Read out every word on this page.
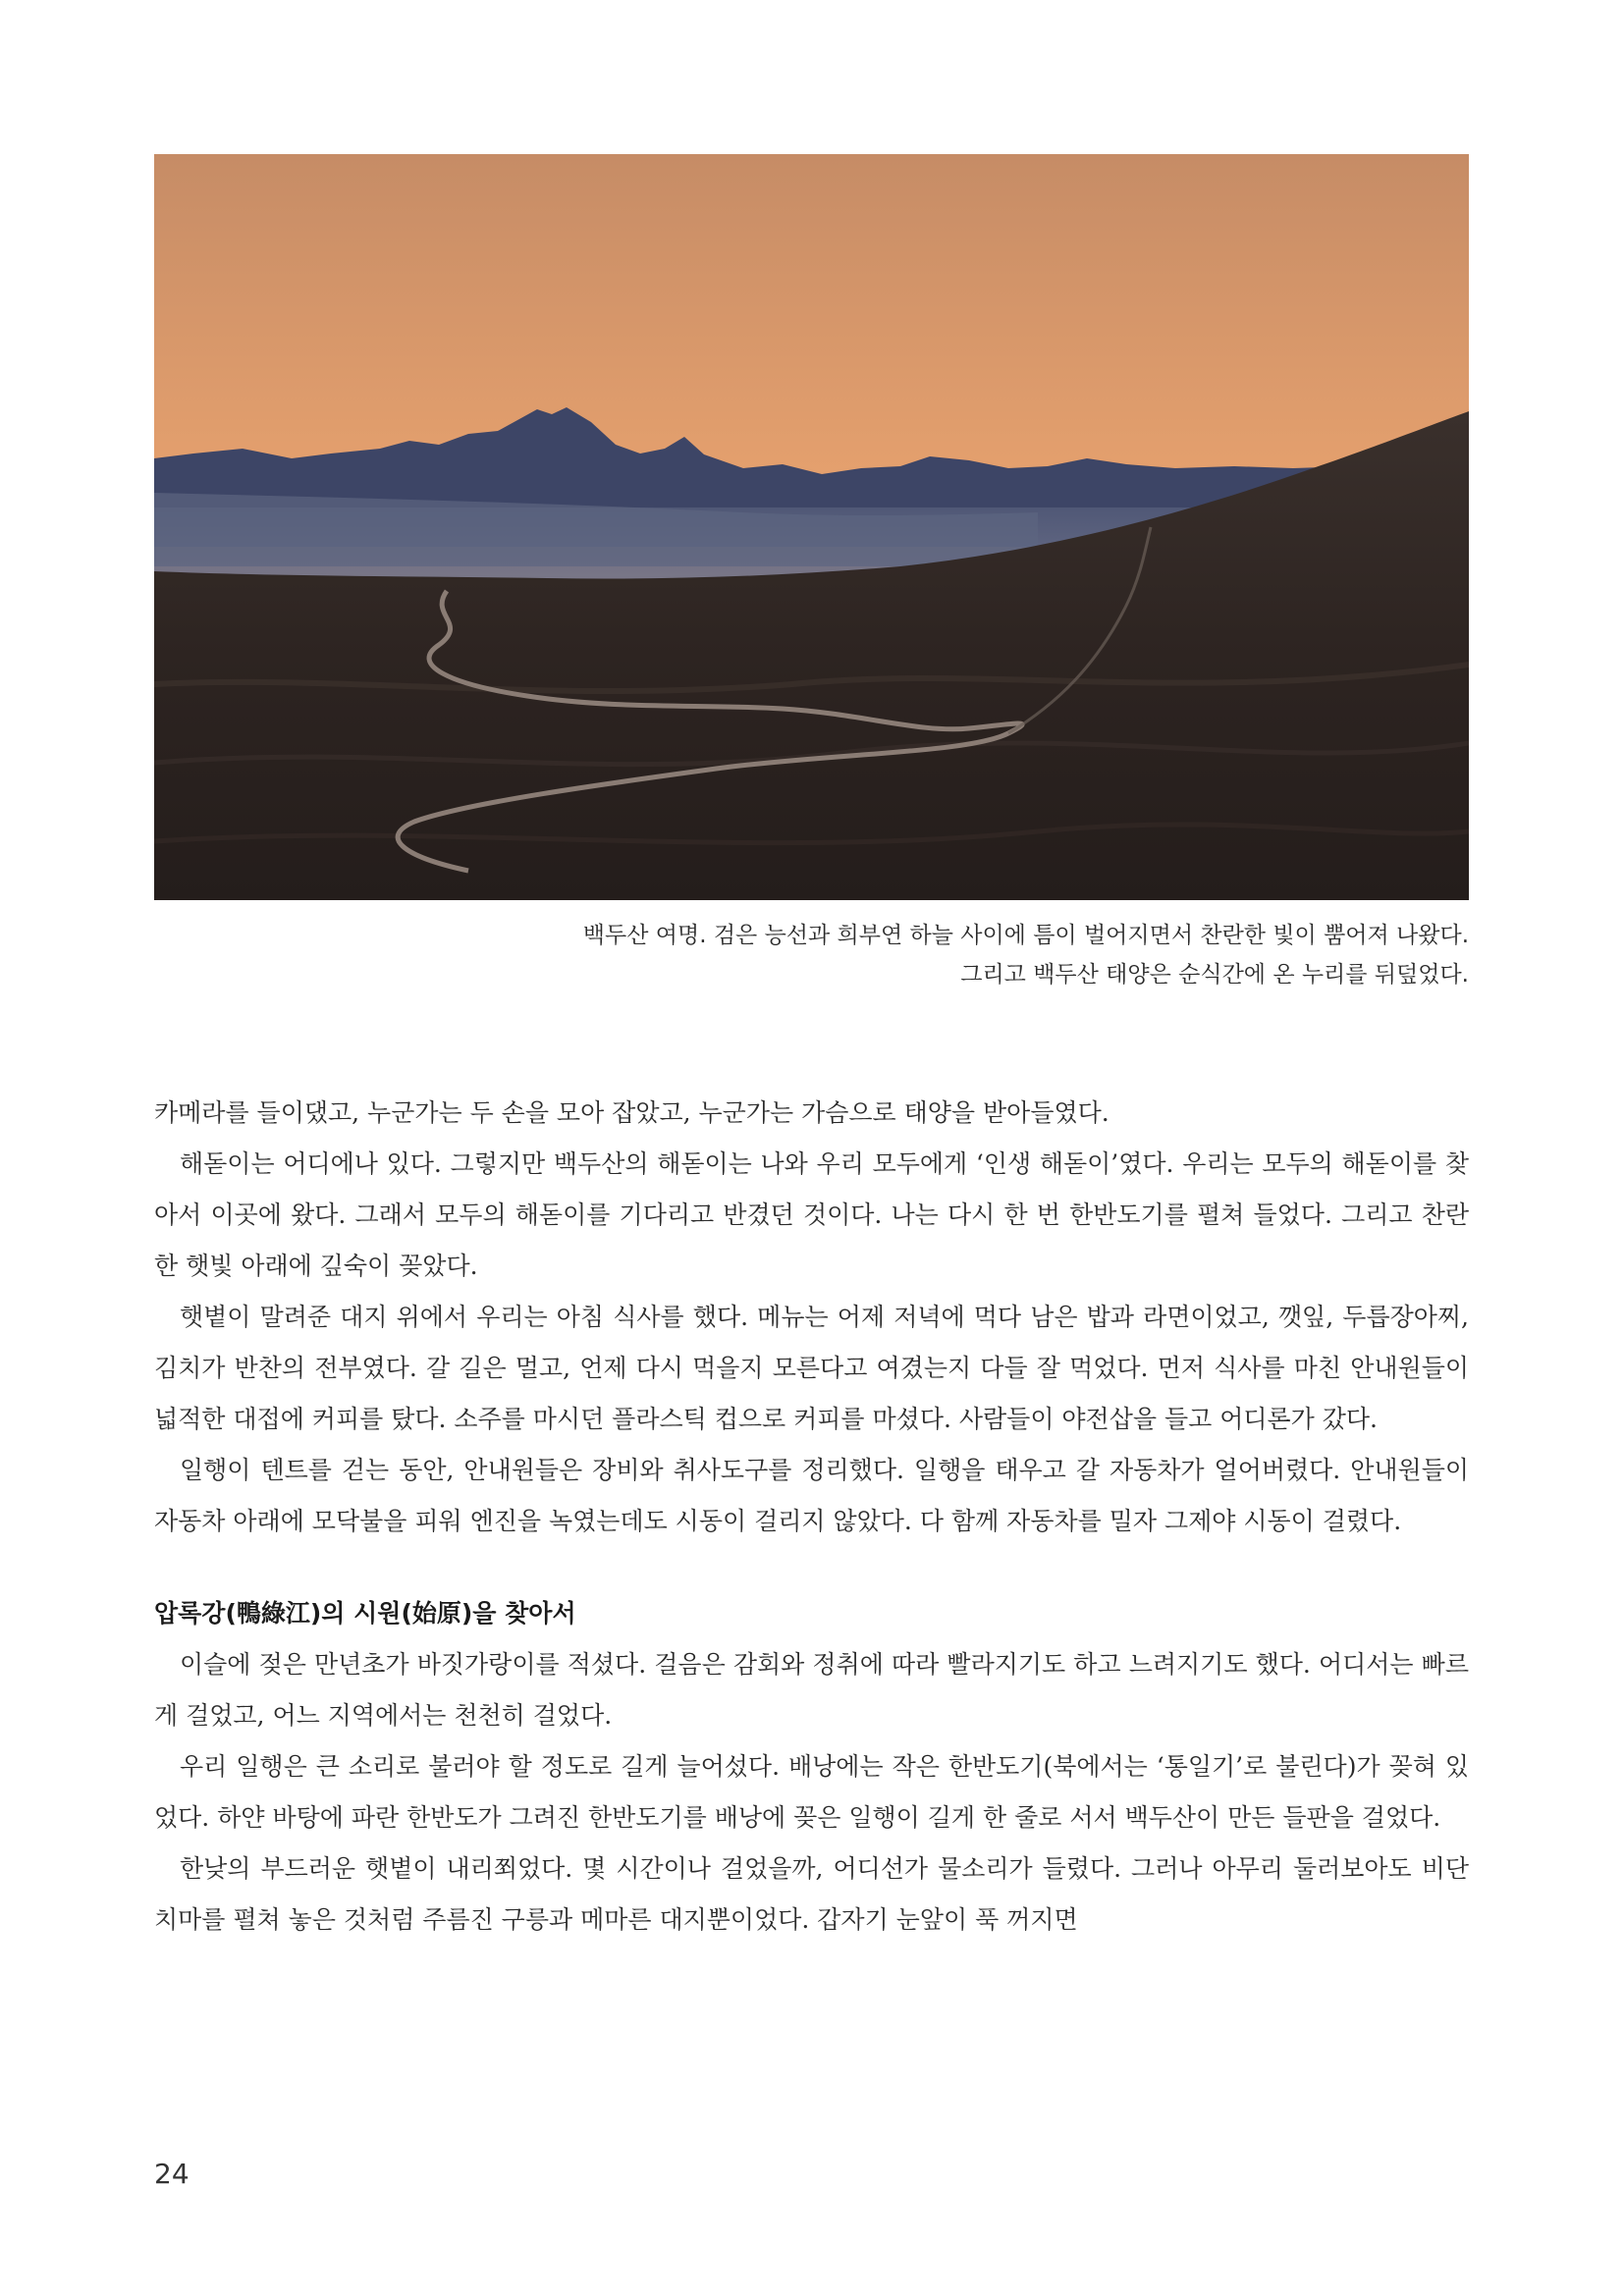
백두산 여명. 검은 능선과 희부연 하늘 사이에 틈이 벌어지면서 찬란한 빛이 뿜어져 나왔다.

그리고 백두산 태양은 순식간에 온 누리를 뒤덮었다.

카메라를 들이댔고, 누군가는 두 손을 모아 잡았고, 누군가는 가슴으로 태양을 받아들였다.

해돋이는 어디에나 있다. 그렇지만 백두산의 해돋이는 나와 우리 모두에게 ‘인생 해돋이’였다. 우리는 모두의 해돋이를 찾아서 이곳에 왔다. 그래서 모두의 해돋이를 기다리고 반겼던 것이다. 나는 다시 한 번 한반도기를 펼쳐 들었다. 그리고 찬란한 햇빛 아래에 깊숙이 꽂았다.

햇볕이 말려준 대지 위에서 우리는 아침 식사를 했다. 메뉴는 어제 저녁에 먹다 남은 밥과 라면이었고, 깻잎, 두릅장아찌, 김치가 반찬의 전부였다. 갈 길은 멀고, 언제 다시 먹을지 모른다고 여겼는지 다들 잘 먹었다. 먼저 식사를 마친 안내원들이 넓적한 대접에 커피를 탔다. 소주를 마시던 플라스틱 컵으로 커피를 마셨다. 사람들이 야전삽을 들고 어디론가 갔다.

일행이 텐트를 걷는 동안, 안내원들은 장비와 취사도구를 정리했다. 일행을 태우고 갈 자동차가 얼어버렸다. 안내원들이 자동차 아래에 모닥불을 피워 엔진을 녹였는데도 시동이 걸리지 않았다. 다 함께 자동차를 밀자 그제야 시동이 걸렸다.

압록강(鴨綠江)의 시원(始原)을 찾아서

이슬에 젖은 만년초가 바짓가랑이를 적셨다. 걸음은 감회와 정취에 따라 빨라지기도 하고 느려지기도 했다. 어디서는 빠르게 걸었고, 어느 지역에서는 천천히 걸었다.

우리 일행은 큰 소리로 불러야 할 정도로 길게 늘어섰다. 배낭에는 작은 한반도기(북에서는 ‘통일기’로 불린다)가 꽂혀 있었다. 하얀 바탕에 파란 한반도가 그려진 한반도기를 배낭에 꽂은 일행이 길게 한 줄로 서서 백두산이 만든 들판을 걸었다.

한낮의 부드러운 햇볕이 내리쬐었다. 몇 시간이나 걸었을까, 어디선가 물소리가 들렸다. 그러나 아무리 둘러보아도 비단 치마를 펼쳐 놓은 것처럼 주름진 구릉과 메마른 대지뿐이었다. 갑자기 눈앞이 푹 꺼지면

24
